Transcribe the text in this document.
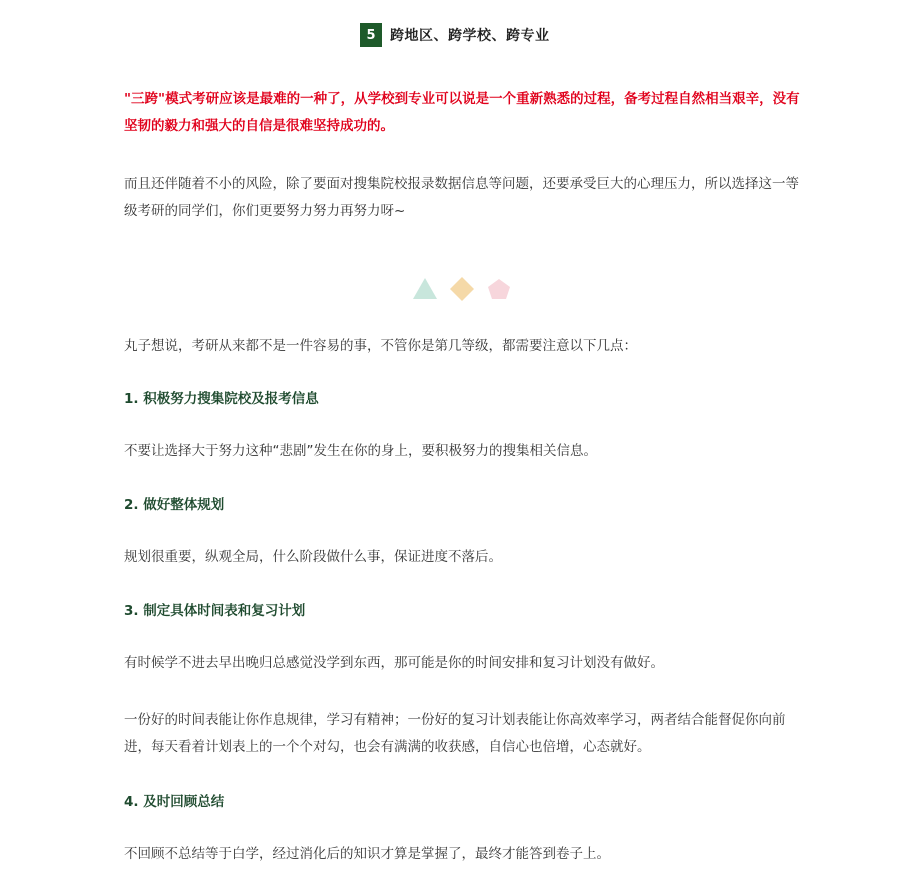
5	跨地区、跨学校、跨专业

"三跨"模式考研应该是最难的一种了，从学校到专业可以说是一个重新熟悉的过程，备考过程自然相当艰辛，没有坚韧的毅力和强大的自信是很难坚持成功的。

而且还伴随着不小的风险，除了要面对搜集院校报录数据信息等问题，还要承受巨大的心理压力，所以选择这一等级考研的同学们，你们更要努力努力再努力呀~

丸子想说，考研从来都不是一件容易的事，不管你是第几等级，都需要注意以下几点：

1. 积极努力搜集院校及报考信息

不要让选择大于努力这种“悲剧”发生在你的身上，要积极努力的搜集相关信息。

2. 做好整体规划

规划很重要，纵观全局，什么阶段做什么事，保证进度不落后。

3. 制定具体时间表和复习计划

有时候学不进去早出晚归总感觉没学到东西，那可能是你的时间安排和复习计划没有做好。

一份好的时间表能让你作息规律，学习有精神；一份好的复习计划表能让你高效率学习，两者结合能督促你向前进，每天看着计划表上的一个个对勾，也会有满满的收获感，自信心也倍增，心态就好。

4. 及时回顾总结

不回顾不总结等于白学，经过消化后的知识才算是掌握了，最终才能答到卷子上。
